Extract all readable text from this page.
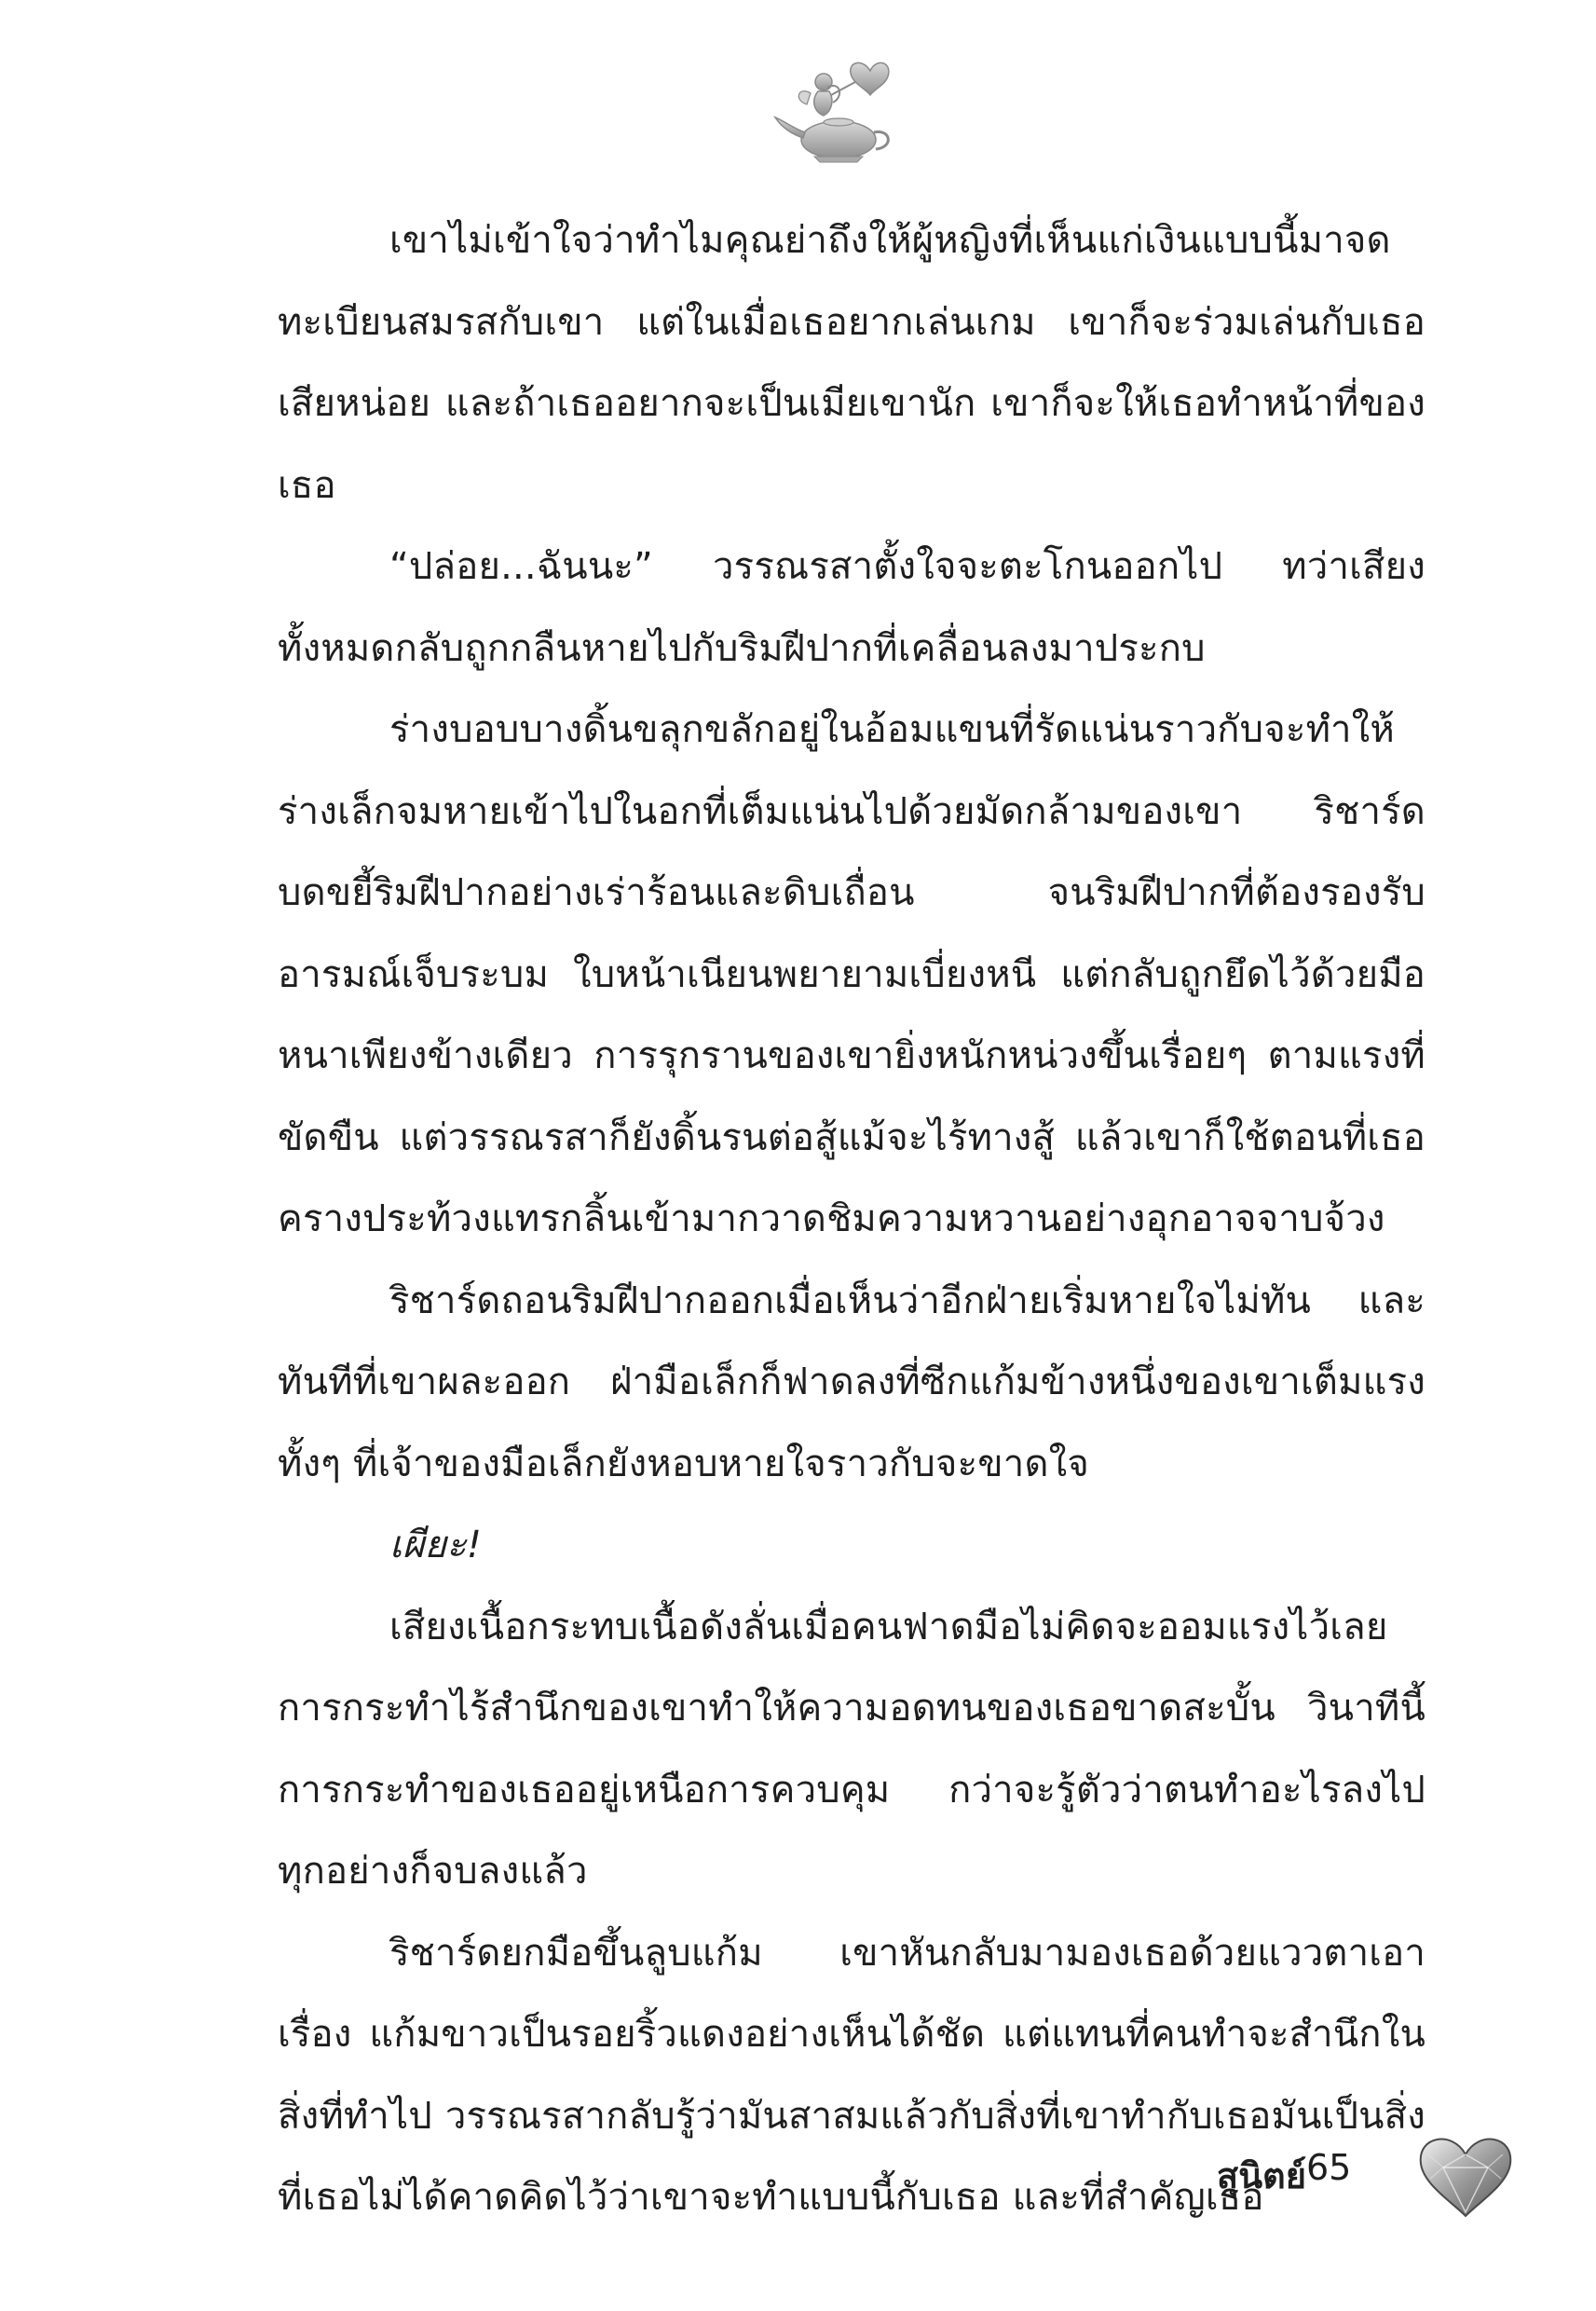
เขาไม่เข้าใจว่าทำไมคุณย่าถึงให้ผู้หญิงที่เห็นแก่เงินแบบนี้มาจดทะเบียนสมรสกับเขา แต่ในเมื่อเธอยากเล่นเกม เขาก็จะร่วมเล่นกับเธอเสียหน่อย และถ้าเธออยากจะเป็นเมียเขานัก เขาก็จะให้เธอทำหน้าที่ของเธอ

“ปล่อย...ฉันนะ” วรรณรสาตั้งใจจะตะโกนออกไป ทว่าเสียงทั้งหมดกลับถูกกลืนหายไปกับริมฝีปากที่เคลื่อนลงมาประกบ

ร่างบอบบางดิ้นขลุกขลักอยู่ในอ้อมแขนที่รัดแน่นราวกับจะทำให้ร่างเล็กจมหายเข้าไปในอกที่เต็มแน่นไปด้วยมัดกล้ามของเขา ริชาร์ดบดขยี้ริมฝีปากอย่างเร่าร้อนและดิบเถื่อน จนริมฝีปากที่ต้องรองรับอารมณ์เจ็บระบม ใบหน้าเนียนพยายามเบี่ยงหนี แต่กลับถูกยึดไว้ด้วยมือหนาเพียงข้างเดียว การรุกรานของเขายิ่งหนักหน่วงขึ้นเรื่อยๆ ตามแรงที่ขัดขืน แต่วรรณรสาก็ยังดิ้นรนต่อสู้แม้จะไร้ทางสู้ แล้วเขาก็ใช้ตอนที่เธอครางประท้วงแทรกลิ้นเข้ามากวาดชิมความหวานอย่างอุกอาจจาบจ้วง

ริชาร์ดถอนริมฝีปากออกเมื่อเห็นว่าอีกฝ่ายเริ่มหายใจไม่ทัน และทันทีที่เขาผละออก ฝ่ามือเล็กก็ฟาดลงที่ซีกแก้มข้างหนึ่งของเขาเต็มแรงทั้งๆ ที่เจ้าของมือเล็กยังหอบหายใจราวกับจะขาดใจ

เผียะ!

เสียงเนื้อกระทบเนื้อดังลั่นเมื่อคนฟาดมือไม่คิดจะออมแรงไว้เลยการกระทำไร้สำนึกของเขาทำให้ความอดทนของเธอขาดสะบั้น วินาทีนี้การกระทำของเธออยู่เหนือการควบคุม กว่าจะรู้ตัวว่าตนทำอะไรลงไปทุกอย่างก็จบลงแล้ว

ริชาร์ดยกมือขึ้นลูบแก้ม เขาหันกลับมามองเธอด้วยแววตาเอาเรื่อง แก้มขาวเป็นรอยริ้วแดงอย่างเห็นได้ชัด แต่แทนที่คนทำจะสำนึกในสิ่งที่ทำไป วรรณรสากลับรู้ว่ามันสาสมแล้วกับสิ่งที่เขาทำกับเธอมันเป็นสิ่งที่เธอไม่ได้คาดคิดไว้ว่าเขาจะทำแบบนี้กับเธอ และที่สำคัญเธอ

สุนิตย์ 65
